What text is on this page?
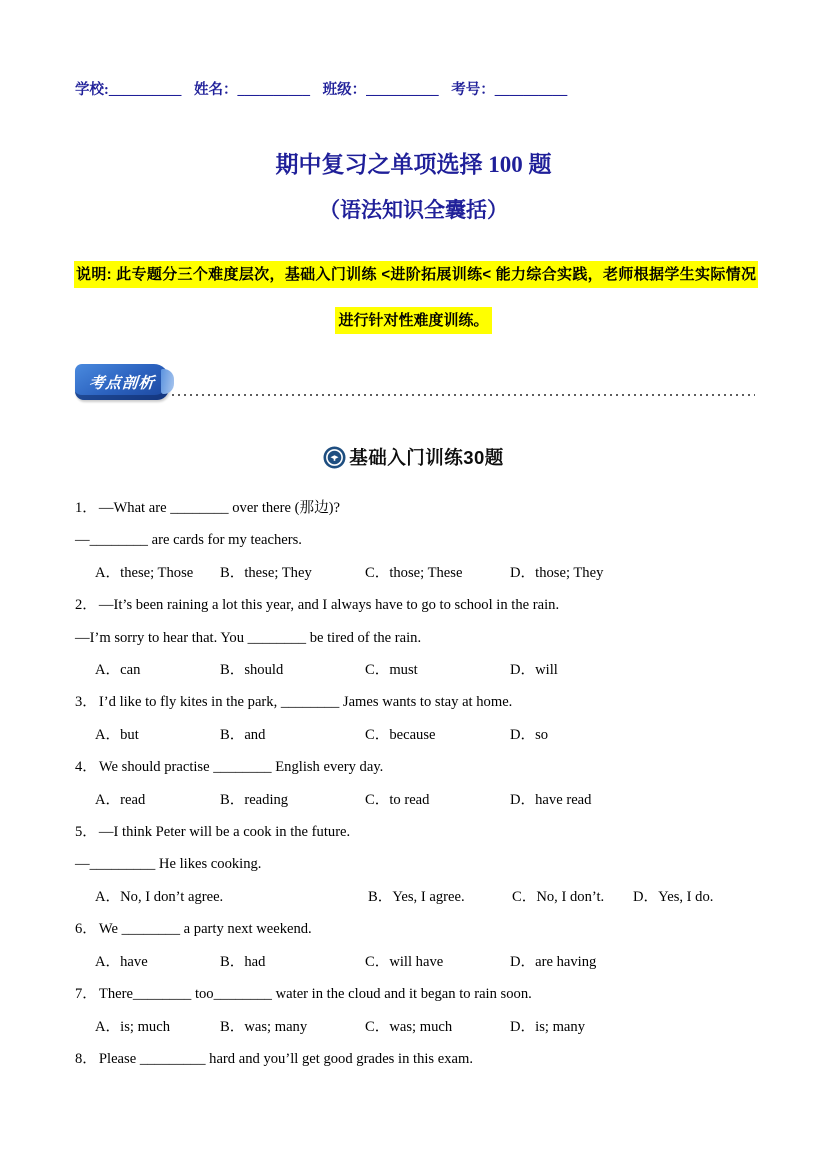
学校:__________ 姓名：__________ 班级：__________ 考号：__________
期中复习之单项选择 100 题
（语法知识全囊括）
说明: 此专题分三个难度层次，基础入门训练 <进阶拓展训练< 能力综合实践，老师根据学生实际情况
进行针对性难度训练。
考点剖析
基础入门训练30题
1． —What are ________ over there (那边)?
—________ are cards for my teachers.
A．these; Those B．these; They	C．those; These	D．those; They
2． —It’s been raining a lot this year, and I always have to go to school in the rain.
—I’m sorry to hear that. You ________ be tired of the rain.
A．can	B．should	C．must	D．will
3． I’d like to fly kites in the park, ________ James wants to stay at home.
A．but	B．and	C．because	D．so
4． We should practise ________ English every day.
A．read	B．reading	C．to read	D．have read
5． —I think Peter will be a cook in the future.
—_________ He likes cooking.
A．No, I don’t agree.	B．Yes, I agree.	C．No, I don’t. D．Yes, I do.
6． We ________ a party next weekend.
A．have	B．had	C．will have	D．are having
7． There________ too________ water in the cloud and it began to rain soon.
A．is; much	B．was; many	C．was; much	D．is; many
8． Please _________ hard and you’ll get good grades in this exam.
